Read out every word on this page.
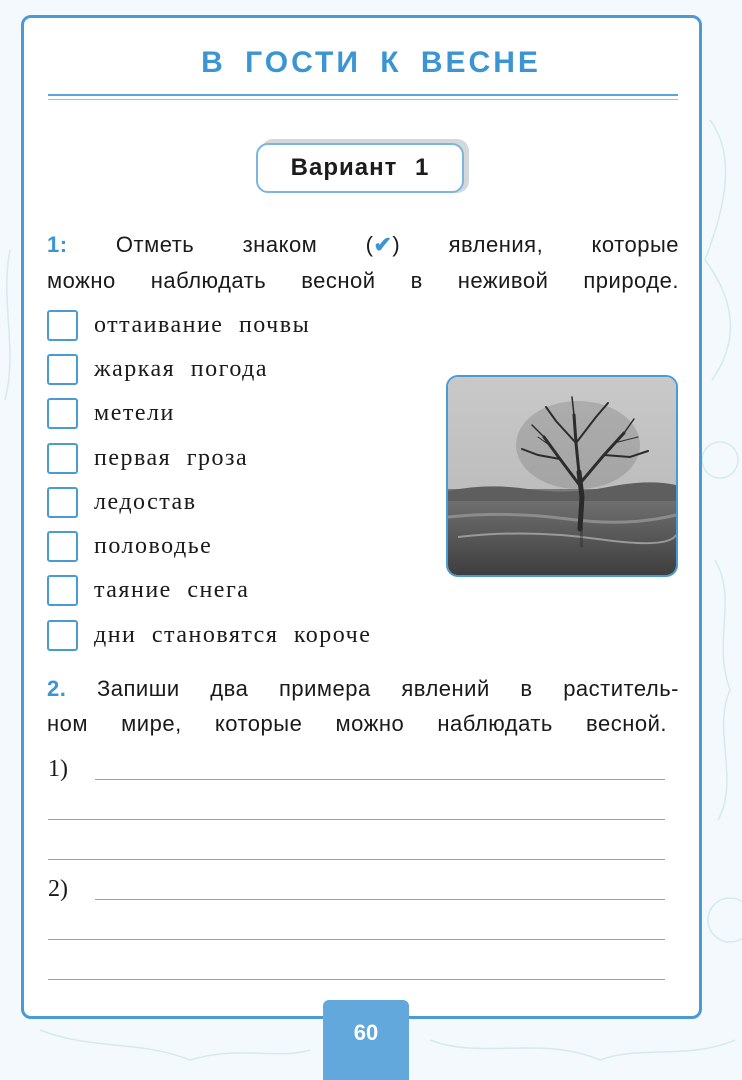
В ГОСТИ К ВЕСНЕ
Вариант 1
1: Отметь знаком (✔) явления, которые
можно наблюдать весной в неживой природе.
оттаивание почвы
жаркая погода
метели
первая гроза
ледостав
половодье
таяние снега
дни становятся короче
2. Запиши два примера явлений в раститель-
ном мире, которые можно наблюдать весной.
1)
2)
60
